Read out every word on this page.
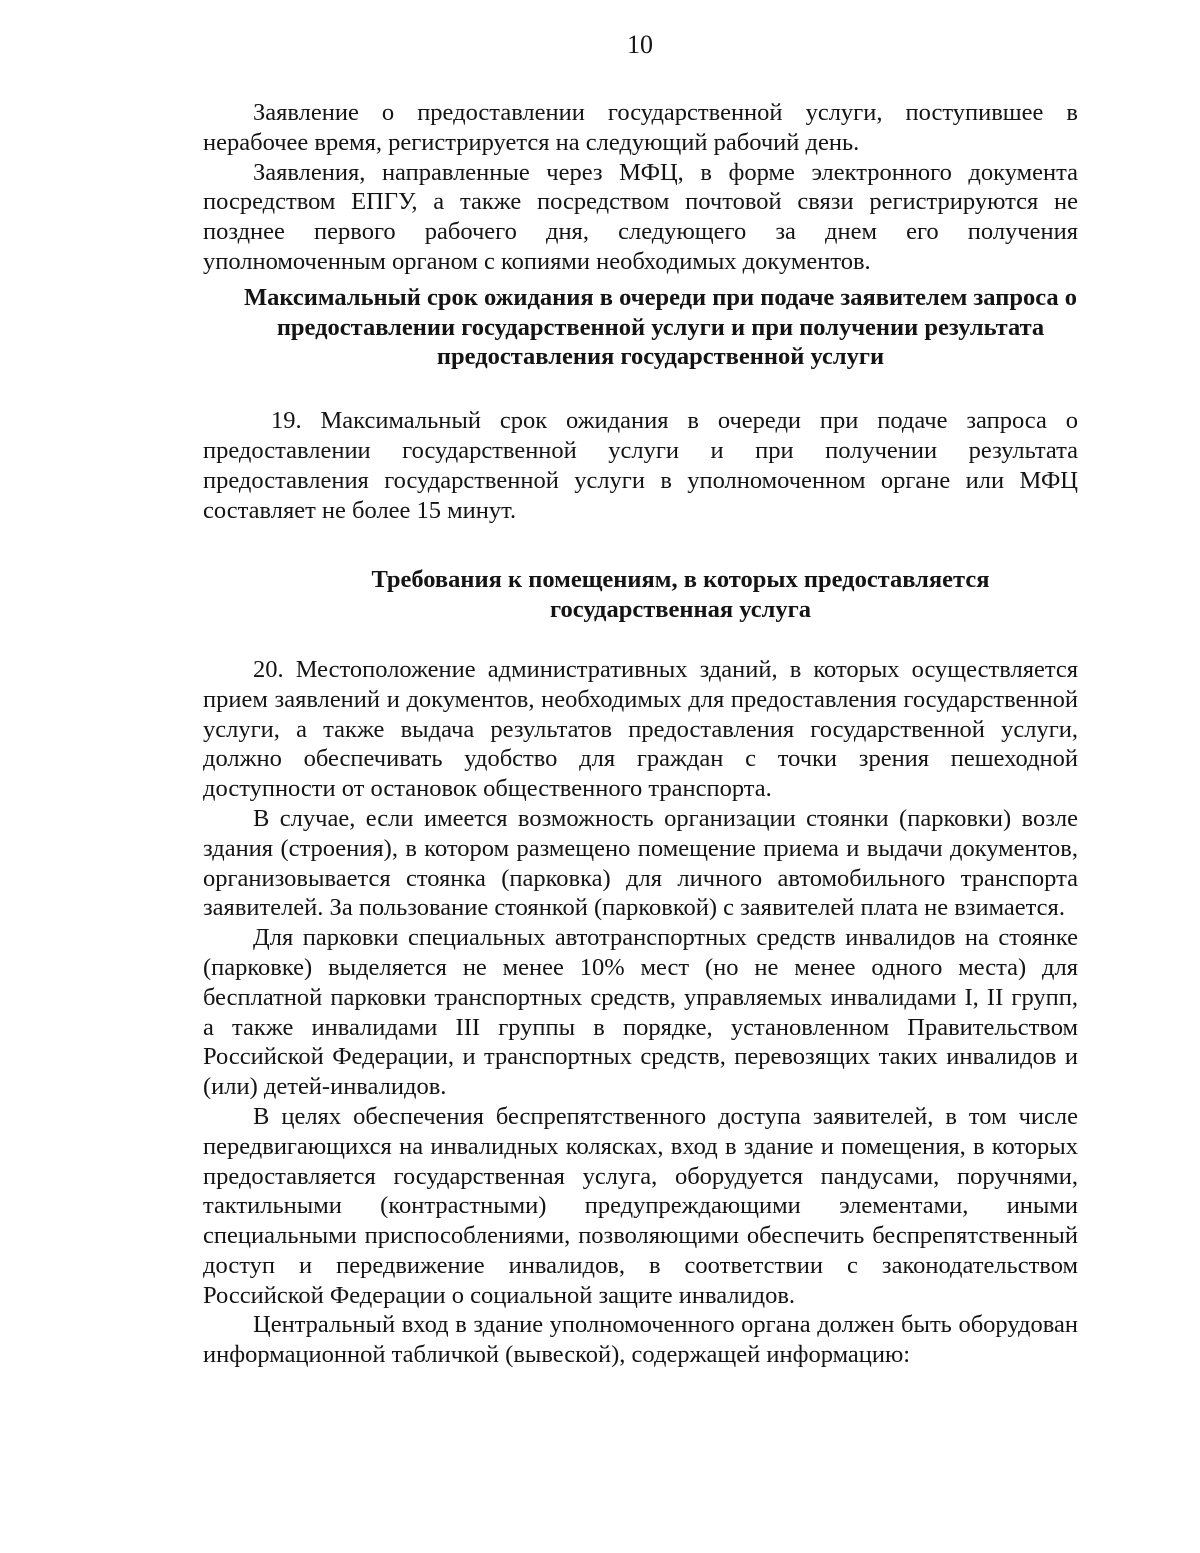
10

Заявление о предоставлении государственной услуги, поступившее в нерабочее время, регистрируется на следующий рабочий день.

Заявления, направленные через МФЦ, в форме электронного документа посредством ЕПГУ, а также посредством почтовой связи регистрируются не позднее первого рабочего дня, следующего за днем его получения уполномоченным органом с копиями необходимых документов.

Максимальный срок ожидания в очереди при подаче заявителем запроса о предоставлении государственной услуги и при получении результата предоставления государственной услуги

19. Максимальный срок ожидания в очереди при подаче запроса о предоставлении государственной услуги и при получении результата предоставления государственной услуги в уполномоченном органе или МФЦ составляет не более 15 минут.

Требования к помещениям, в которых предоставляется государственная услуга

20. Местоположение административных зданий, в которых осуществляется прием заявлений и документов, необходимых для предоставления государственной услуги, а также выдача результатов предоставления государственной услуги, должно обеспечивать удобство для граждан с точки зрения пешеходной доступности от остановок общественного транспорта.

В случае, если имеется возможность организации стоянки (парковки) возле здания (строения), в котором размещено помещение приема и выдачи документов, организовывается стоянка (парковка) для личного автомобильного транспорта заявителей. За пользование стоянкой (парковкой) с заявителей плата не взимается.

Для парковки специальных автотранспортных средств инвалидов на стоянке (парковке) выделяется не менее 10% мест (но не менее одного места) для бесплатной парковки транспортных средств, управляемых инвалидами I, II групп, а также инвалидами III группы в порядке, установленном Правительством Российской Федерации, и транспортных средств, перевозящих таких инвалидов и (или) детей-инвалидов.

В целях обеспечения беспрепятственного доступа заявителей, в том числе передвигающихся на инвалидных колясках, вход в здание и помещения, в которых предоставляется государственная услуга, оборудуется пандусами, поручнями, тактильными (контрастными) предупреждающими элементами, иными специальными приспособлениями, позволяющими обеспечить беспрепятственный доступ и передвижение инвалидов, в соответствии с законодательством Российской Федерации о социальной защите инвалидов.

Центральный вход в здание уполномоченного органа должен быть оборудован информационной табличкой (вывеской), содержащей информацию:
